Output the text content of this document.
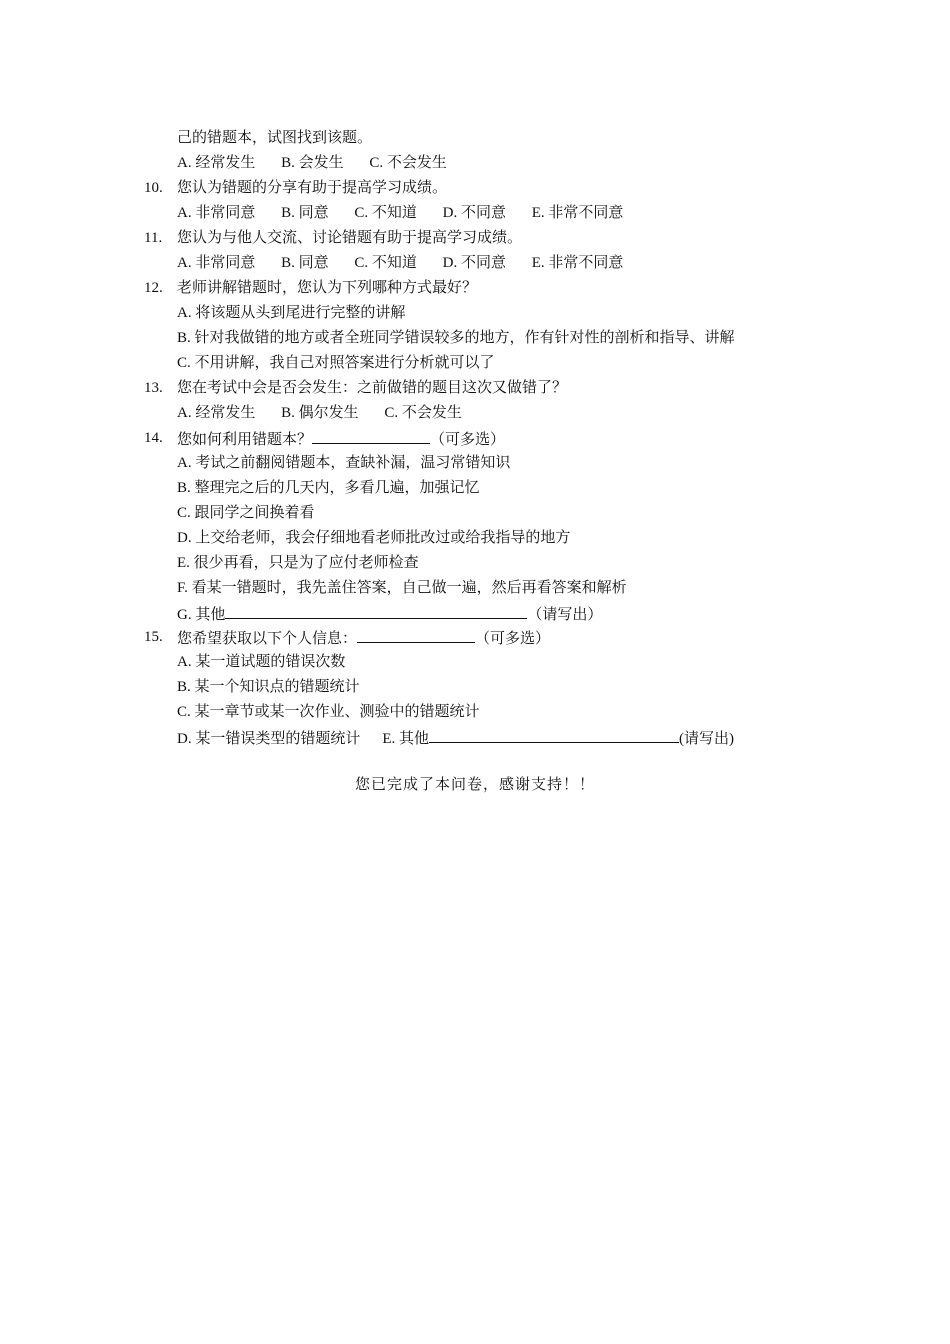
己的错题本，试图找到该题。
A. 经常发生 B. 会发生 C. 不会发生
10. 您认为错题的分享有助于提高学习成绩。
A. 非常同意 B. 同意 C. 不知道 D. 不同意 E. 非常不同意
11. 您认为与他人交流、讨论错题有助于提高学习成绩。
A. 非常同意 B. 同意 C. 不知道 D. 不同意 E. 非常不同意
12. 老师讲解错题时，您认为下列哪种方式最好？
A. 将该题从头到尾进行完整的讲解
B. 针对我做错的地方或者全班同学错误较多的地方，作有针对性的剖析和指导、讲解
C. 不用讲解，我自己对照答案进行分析就可以了
13. 您在考试中会是否会发生：之前做错的题目这次又做错了？
A. 经常发生 B. 偶尔发生 C. 不会发生
14. 您如何利用错题本？	（可多选）
A. 考试之前翻阅错题本，查缺补漏，温习常错知识
B. 整理完之后的几天内，多看几遍，加强记忆
C. 跟同学之间换着看
D. 上交给老师，我会仔细地看老师批改过或给我指导的地方
E. 很少再看，只是为了应付老师检查
F. 看某一错题时，我先盖住答案，自己做一遍，然后再看答案和解析
G. 其他	（请写出）
15. 您希望获取以下个人信息：	（可多选）
A. 某一道试题的错误次数
B. 某一个知识点的错题统计
C. 某一章节或某一次作业、测验中的错题统计
D. 某一错误类型的错题统计 E. 其他	(请写出)
您已完成了本问卷，感谢支持！！
